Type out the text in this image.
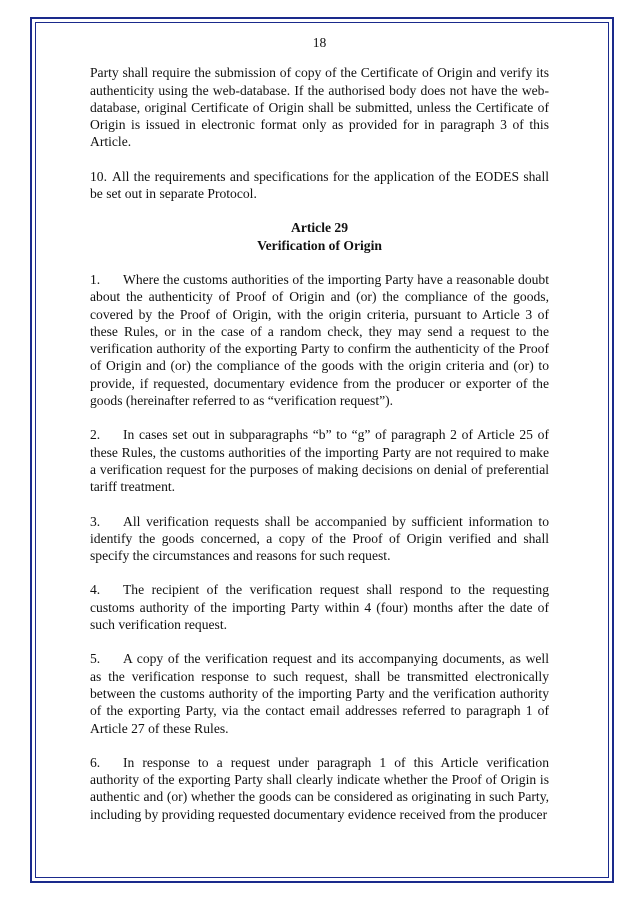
18

Party shall require the submission of copy of the Certificate of Origin and verify its authenticity using the web-database. If the authorised body does not have the web-database, original Certificate of Origin shall be submitted, unless the Certificate of Origin is issued in electronic format only as provided for in paragraph 3 of this Article.

10. All the requirements and specifications for the application of the EODES shall be set out in separate Protocol.

Article 29
Verification of Origin

1. Where the customs authorities of the importing Party have a reasonable doubt about the authenticity of Proof of Origin and (or) the compliance of the goods, covered by the Proof of Origin, with the origin criteria, pursuant to Article 3 of these Rules, or in the case of a random check, they may send a request to the verification authority of the exporting Party to confirm the authenticity of the Proof of Origin and (or) the compliance of the goods with the origin criteria and (or) to provide, if requested, documentary evidence from the producer or exporter of the goods (hereinafter referred to as “verification request”).

2. In cases set out in subparagraphs “b” to “g” of paragraph 2 of Article 25 of these Rules, the customs authorities of the importing Party are not required to make a verification request for the purposes of making decisions on denial of preferential tariff treatment.

3. All verification requests shall be accompanied by sufficient information to identify the goods concerned, a copy of the Proof of Origin verified and shall specify the circumstances and reasons for such request.

4. The recipient of the verification request shall respond to the requesting customs authority of the importing Party within 4 (four) months after the date of such verification request.

5. A copy of the verification request and its accompanying documents, as well as the verification response to such request, shall be transmitted electronically between the customs authority of the importing Party and the verification authority of the exporting Party, via the contact email addresses referred to paragraph 1 of Article 27 of these Rules.

6. In response to a request under paragraph 1 of this Article verification authority of the exporting Party shall clearly indicate whether the Proof of Origin is authentic and (or) whether the goods can be considered as originating in such Party, including by providing requested documentary evidence received from the producer
